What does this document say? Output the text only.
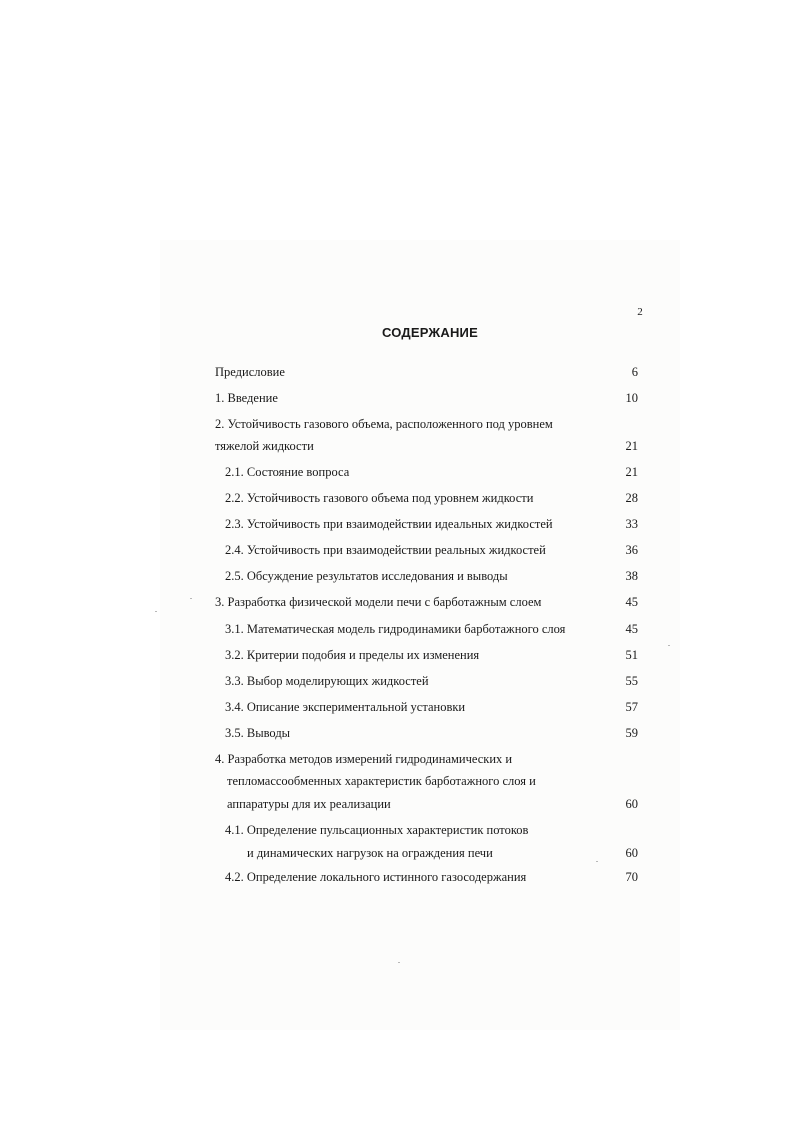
2
СОДЕРЖАНИЕ
Предисловие	6
1. Введение	10
2. Устойчивость газового объема, расположенного под уровнем
тяжелой жидкости	21
2.1. Состояние вопроса	21
2.2. Устойчивость газового объема под уровнем жидкости	28
2.3. Устойчивость при взаимодействии идеальных жидкостей	33
2.4. Устойчивость при взаимодействии реальных жидкостей	36
2.5. Обсуждение результатов исследования и выводы	38
3. Разработка физической модели печи с барботажным слоем	45
3.1. Математическая модель гидродинамики барботажного слоя	45
3.2. Критерии подобия и пределы их изменения	51
3.3. Выбор моделирующих жидкостей	55
3.4. Описание экспериментальной установки	57
3.5. Выводы	59
4. Разработка методов измерений гидродинамических и
тепломассообменных характеристик барботажного слоя и
аппаратуры для их реализации	60
4.1. Определение пульсационных характеристик потоков
и динамических нагрузок на ограждения печи	60
4.2. Определение локального истинного газосодержания	70
